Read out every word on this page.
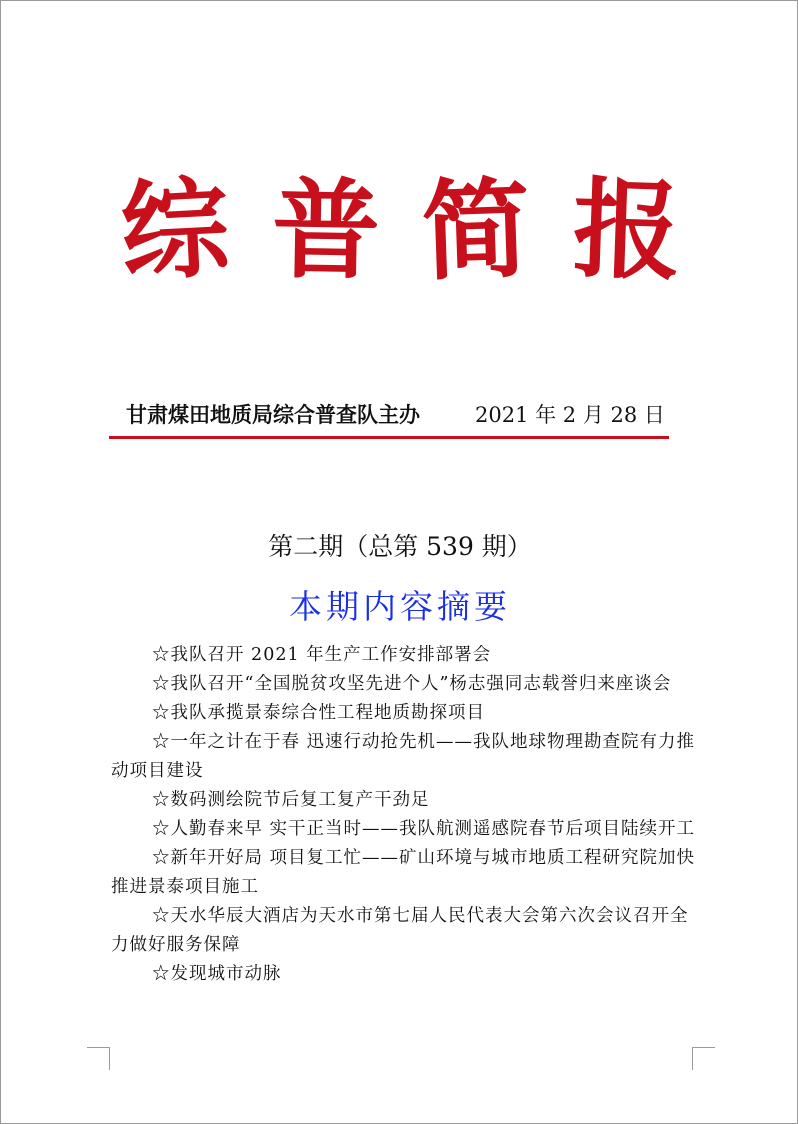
综 普 简 报
甘肃煤田地质局综合普查队主办	2021 年 2 月 28 日
第二期（总第 539 期）
本期内容摘要
☆我队召开 2021 年生产工作安排部署会
☆我队召开“全国脱贫攻坚先进个人”杨志强同志载誉归来座谈会
☆我队承揽景泰综合性工程地质勘探项目
☆一年之计在于春 迅速行动抢先机——我队地球物理勘查院有力推动项目建设
☆数码测绘院节后复工复产干劲足
☆人勤春来早 实干正当时——我队航测遥感院春节后项目陆续开工
☆新年开好局 项目复工忙——矿山环境与城市地质工程研究院加快推进景泰项目施工
☆天水华辰大酒店为天水市第七届人民代表大会第六次会议召开全力做好服务保障
☆发现城市动脉
